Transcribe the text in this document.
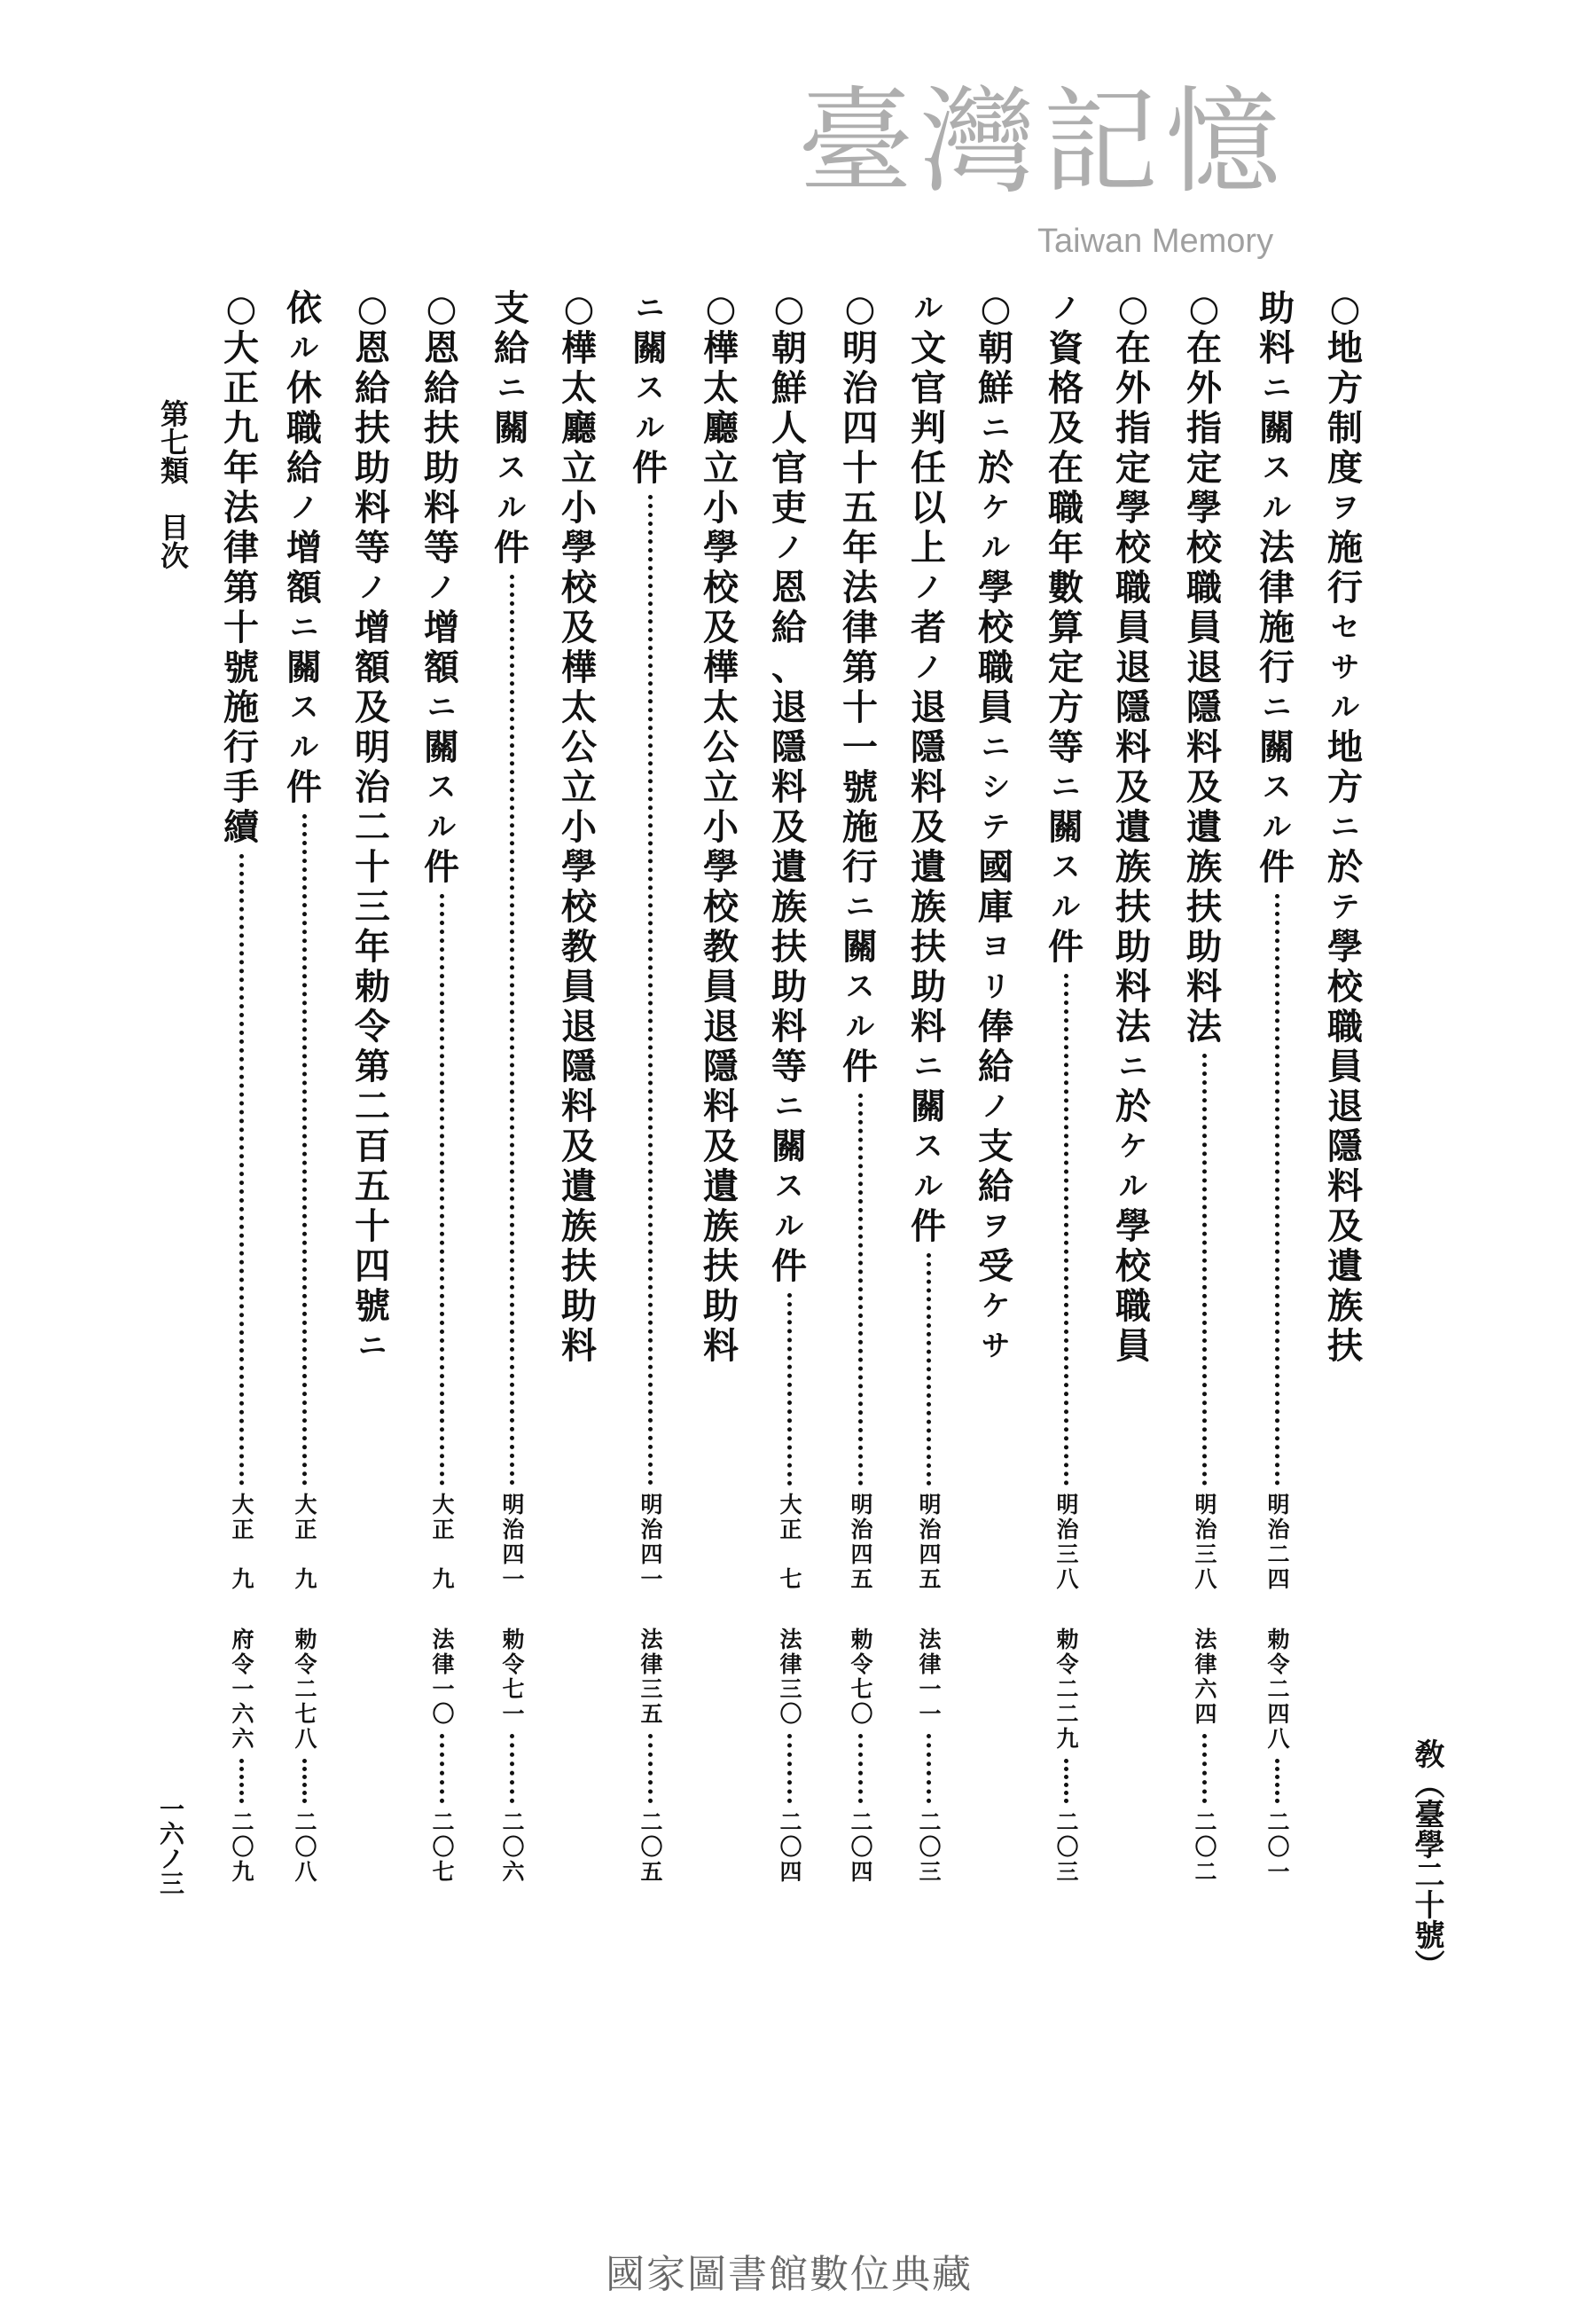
敎（臺學二十號）
○
地
方
制
度
ヲ
施
行
セ
サ
ル
地
方
ニ
於
テ
學
校
職
員
退
隱
料
及
遺
族
扶
助
料
ニ
關
ス
ル
法
律
施
行
ニ
關
ス
ル
件
明治二四
勅令二四八
二〇一
○
在
外
指
定
學
校
職
員
退
隱
料
及
遺
族
扶
助
料
法
明治三八
法律六四
二〇二
○
在
外
指
定
學
校
職
員
退
隱
料
及
遺
族
扶
助
料
法
ニ
於
ケ
ル
學
校
職
員
ノ
資
格
及
在
職
年
數
算
定
方
等
ニ
關
ス
ル
件
明治三八
勅令二二九
二〇三
○
朝
鮮
ニ
於
ケ
ル
學
校
職
員
ニ
シ
テ
國
庫
ヨ
リ
俸
給
ノ
支
給
ヲ
受
ケ
サ
ル
文
官
判
任
以
上
ノ
者
ノ
退
隱
料
及
遺
族
扶
助
料
ニ
關
ス
ル
件
明治四五
法律一一
二〇三
○
明
治
四
十
五
年
法
律
第
十
一
號
施
行
ニ
關
ス
ル
件
明治四五
勅令七〇
二〇四
○
朝
鮮
人
官
吏
ノ
恩
給
、
退
隱
料
及
遺
族
扶
助
料
等
ニ
關
ス
ル
件
大正　七
法律三〇
二〇四
○
樺
太
廳
立
小
學
校
及
樺
太
公
立
小
學
校
教
員
退
隱
料
及
遺
族
扶
助
料
ニ
關
ス
ル
件
明治四一
法律三五
二〇五
○
樺
太
廳
立
小
學
校
及
樺
太
公
立
小
學
校
教
員
退
隱
料
及
遺
族
扶
助
料
支
給
ニ
關
ス
ル
件
明治四一
勅令七一
二〇六
○
恩
給
扶
助
料
等
ノ
增
額
ニ
關
ス
ル
件
大正　九
法律一〇
二〇七
○
恩
給
扶
助
料
等
ノ
增
額
及
明
治
二
十
三
年
勅
令
第
二
百
五
十
四
號
ニ
依
ル
休
職
給
ノ
增
額
ニ
關
ス
ル
件
大正　九
勅令二七八
二〇八
○
大
正
九
年
法
律
第
十
號
施
行
手
續
大正　九
府令一六六
二〇九
第七類　目次
一六ノ三
臺灣記憶
Taiwan Memory
國家圖書館數位典藏
